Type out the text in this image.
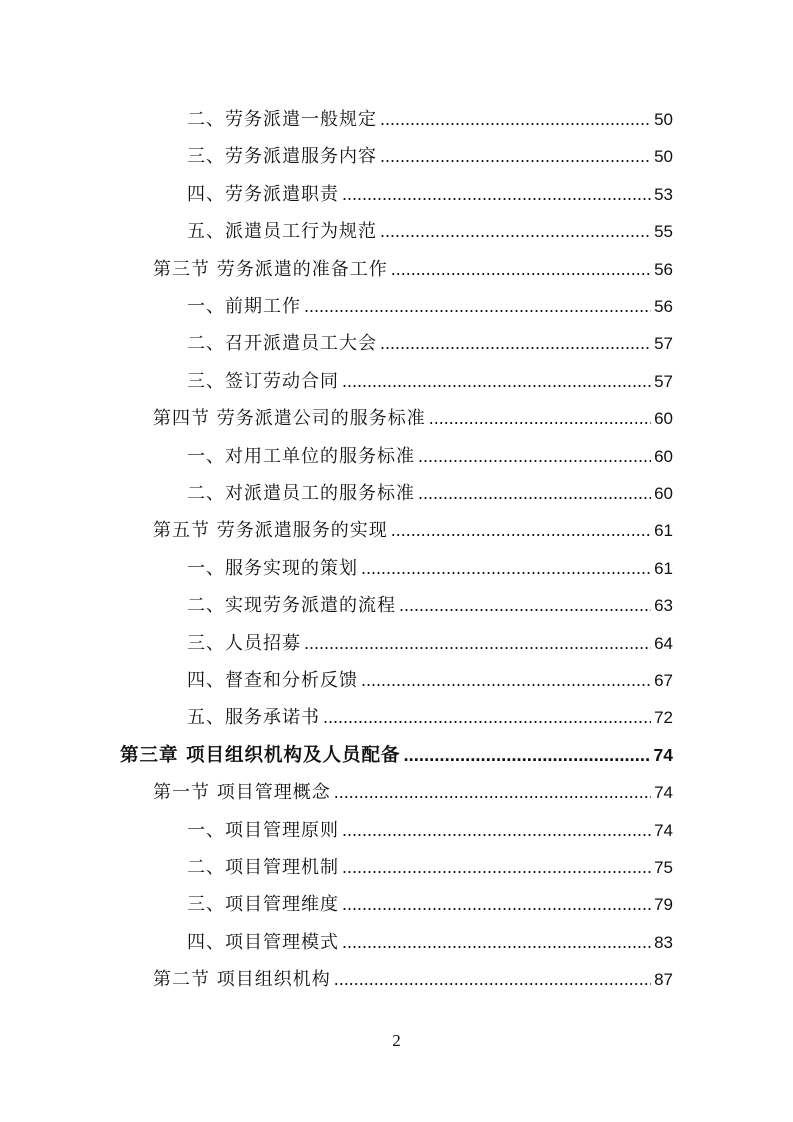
二、劳务派遣一般规定 .....	50
三、劳务派遣服务内容 .....	50
四、劳务派遣职责 .....	53
五、派遣员工行为规范 .....	55
第三节 劳务派遣的准备工作 .....	56
一、前期工作 .....	56
二、召开派遣员工大会 .....	57
三、签订劳动合同 .....	57
第四节 劳务派遣公司的服务标准 .....	60
一、对用工单位的服务标准 .....	60
二、对派遣员工的服务标准 .....	60
第五节 劳务派遣服务的实现 .....	61
一、服务实现的策划 .....	61
二、实现劳务派遣的流程 .....	63
三、人员招募 .....	64
四、督查和分析反馈 .....	67
五、服务承诺书 .....	72
第三章 项目组织机构及人员配备 .....	74
第一节 项目管理概念 .....	74
一、项目管理原则 .....	74
二、项目管理机制 .....	75
三、项目管理维度 .....	79
四、项目管理模式 .....	83
第二节 项目组织机构 .....	87
2
